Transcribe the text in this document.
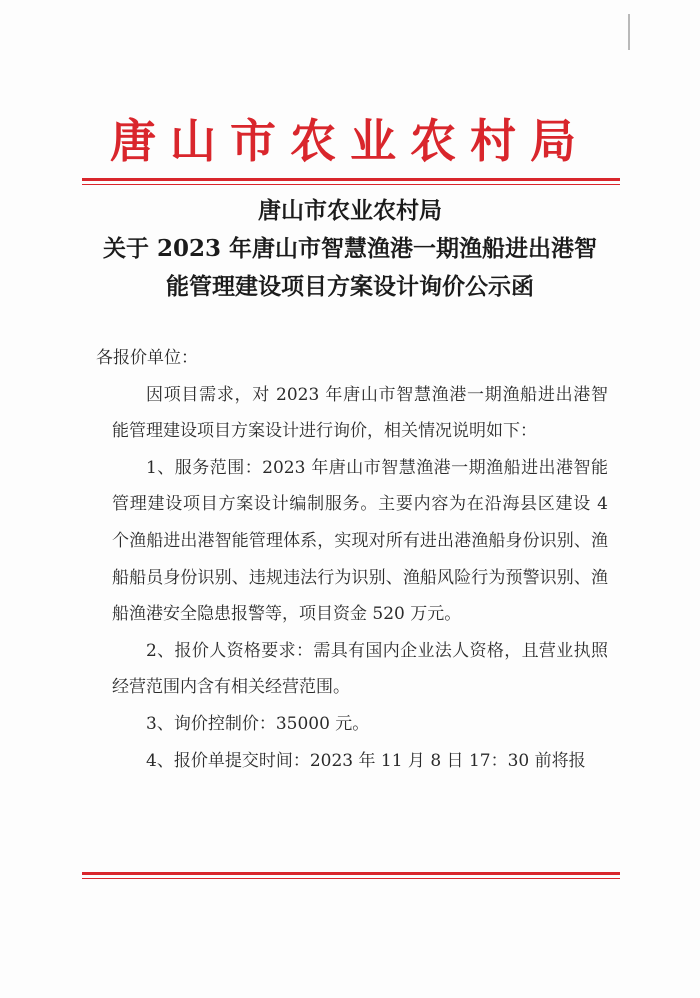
唐山市农业农村局
唐山市农业农村局
关于 2023 年唐山市智慧渔港一期渔船进出港智
能管理建设项目方案设计询价公示函

各报价单位：

因项目需求，对 2023 年唐山市智慧渔港一期渔船进出港智能管理建设项目方案设计进行询价，相关情况说明如下：

1、服务范围：2023 年唐山市智慧渔港一期渔船进出港智能管理建设项目方案设计编制服务。主要内容为在沿海县区建设 4 个渔船进出港智能管理体系，实现对所有进出港渔船身份识别、渔船船员身份识别、违规违法行为识别、渔船风险行为预警识别、渔船渔港安全隐患报警等，项目资金 520 万元。

2、报价人资格要求：需具有国内企业法人资格，且营业执照经营范围内含有相关经营范围。

3、询价控制价：35000 元。

4、报价单提交时间：2023 年 11 月 8 日 17：30 前将报
